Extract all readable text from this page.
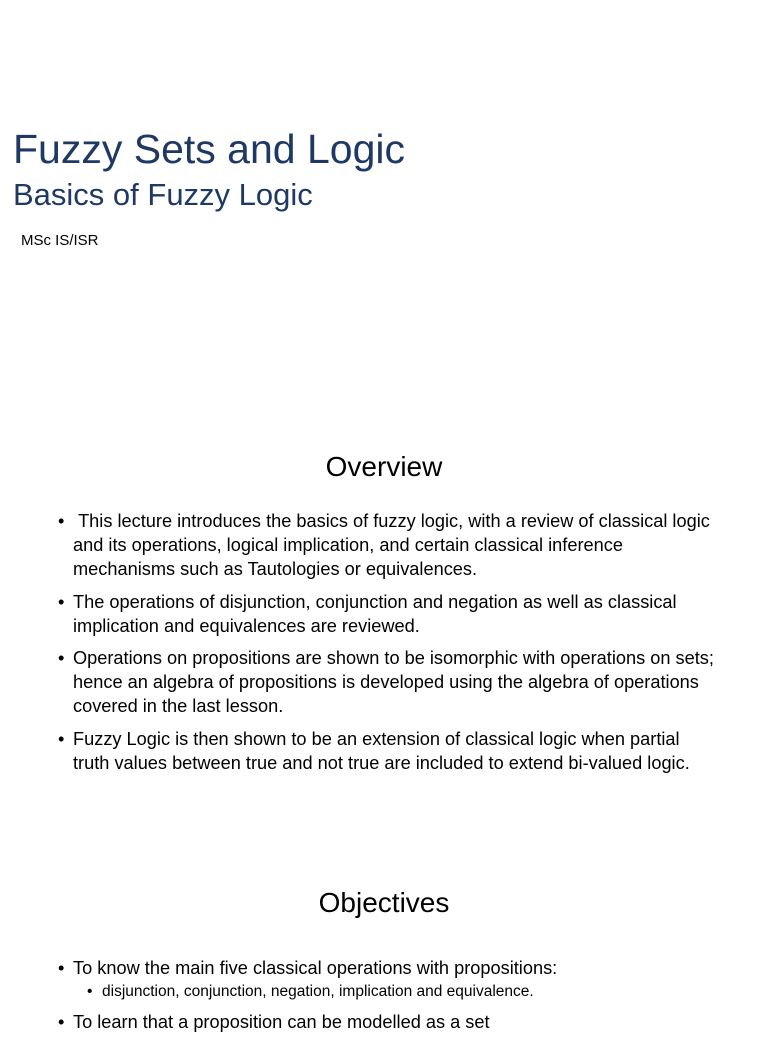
Fuzzy Sets and Logic
Basics of Fuzzy Logic
MSc IS/ISR
Overview
• This lecture introduces the basics of fuzzy logic, with a review of classical logic and its operations, logical implication, and certain classical inference mechanisms such as Tautologies or equivalences.
• The operations of disjunction, conjunction and negation as well as classical implication and equivalences are reviewed.
• Operations on propositions are shown to be isomorphic with operations on sets; hence an algebra of propositions is developed using the algebra of operations covered in the last lesson.
• Fuzzy Logic is then shown to be an extension of classical logic when partial truth values between true and not true are included to extend bi-valued logic.
Objectives
• To know the main five classical operations with propositions:
• disjunction, conjunction, negation, implication and equivalence.
• To learn that a proposition can be modelled as a set
